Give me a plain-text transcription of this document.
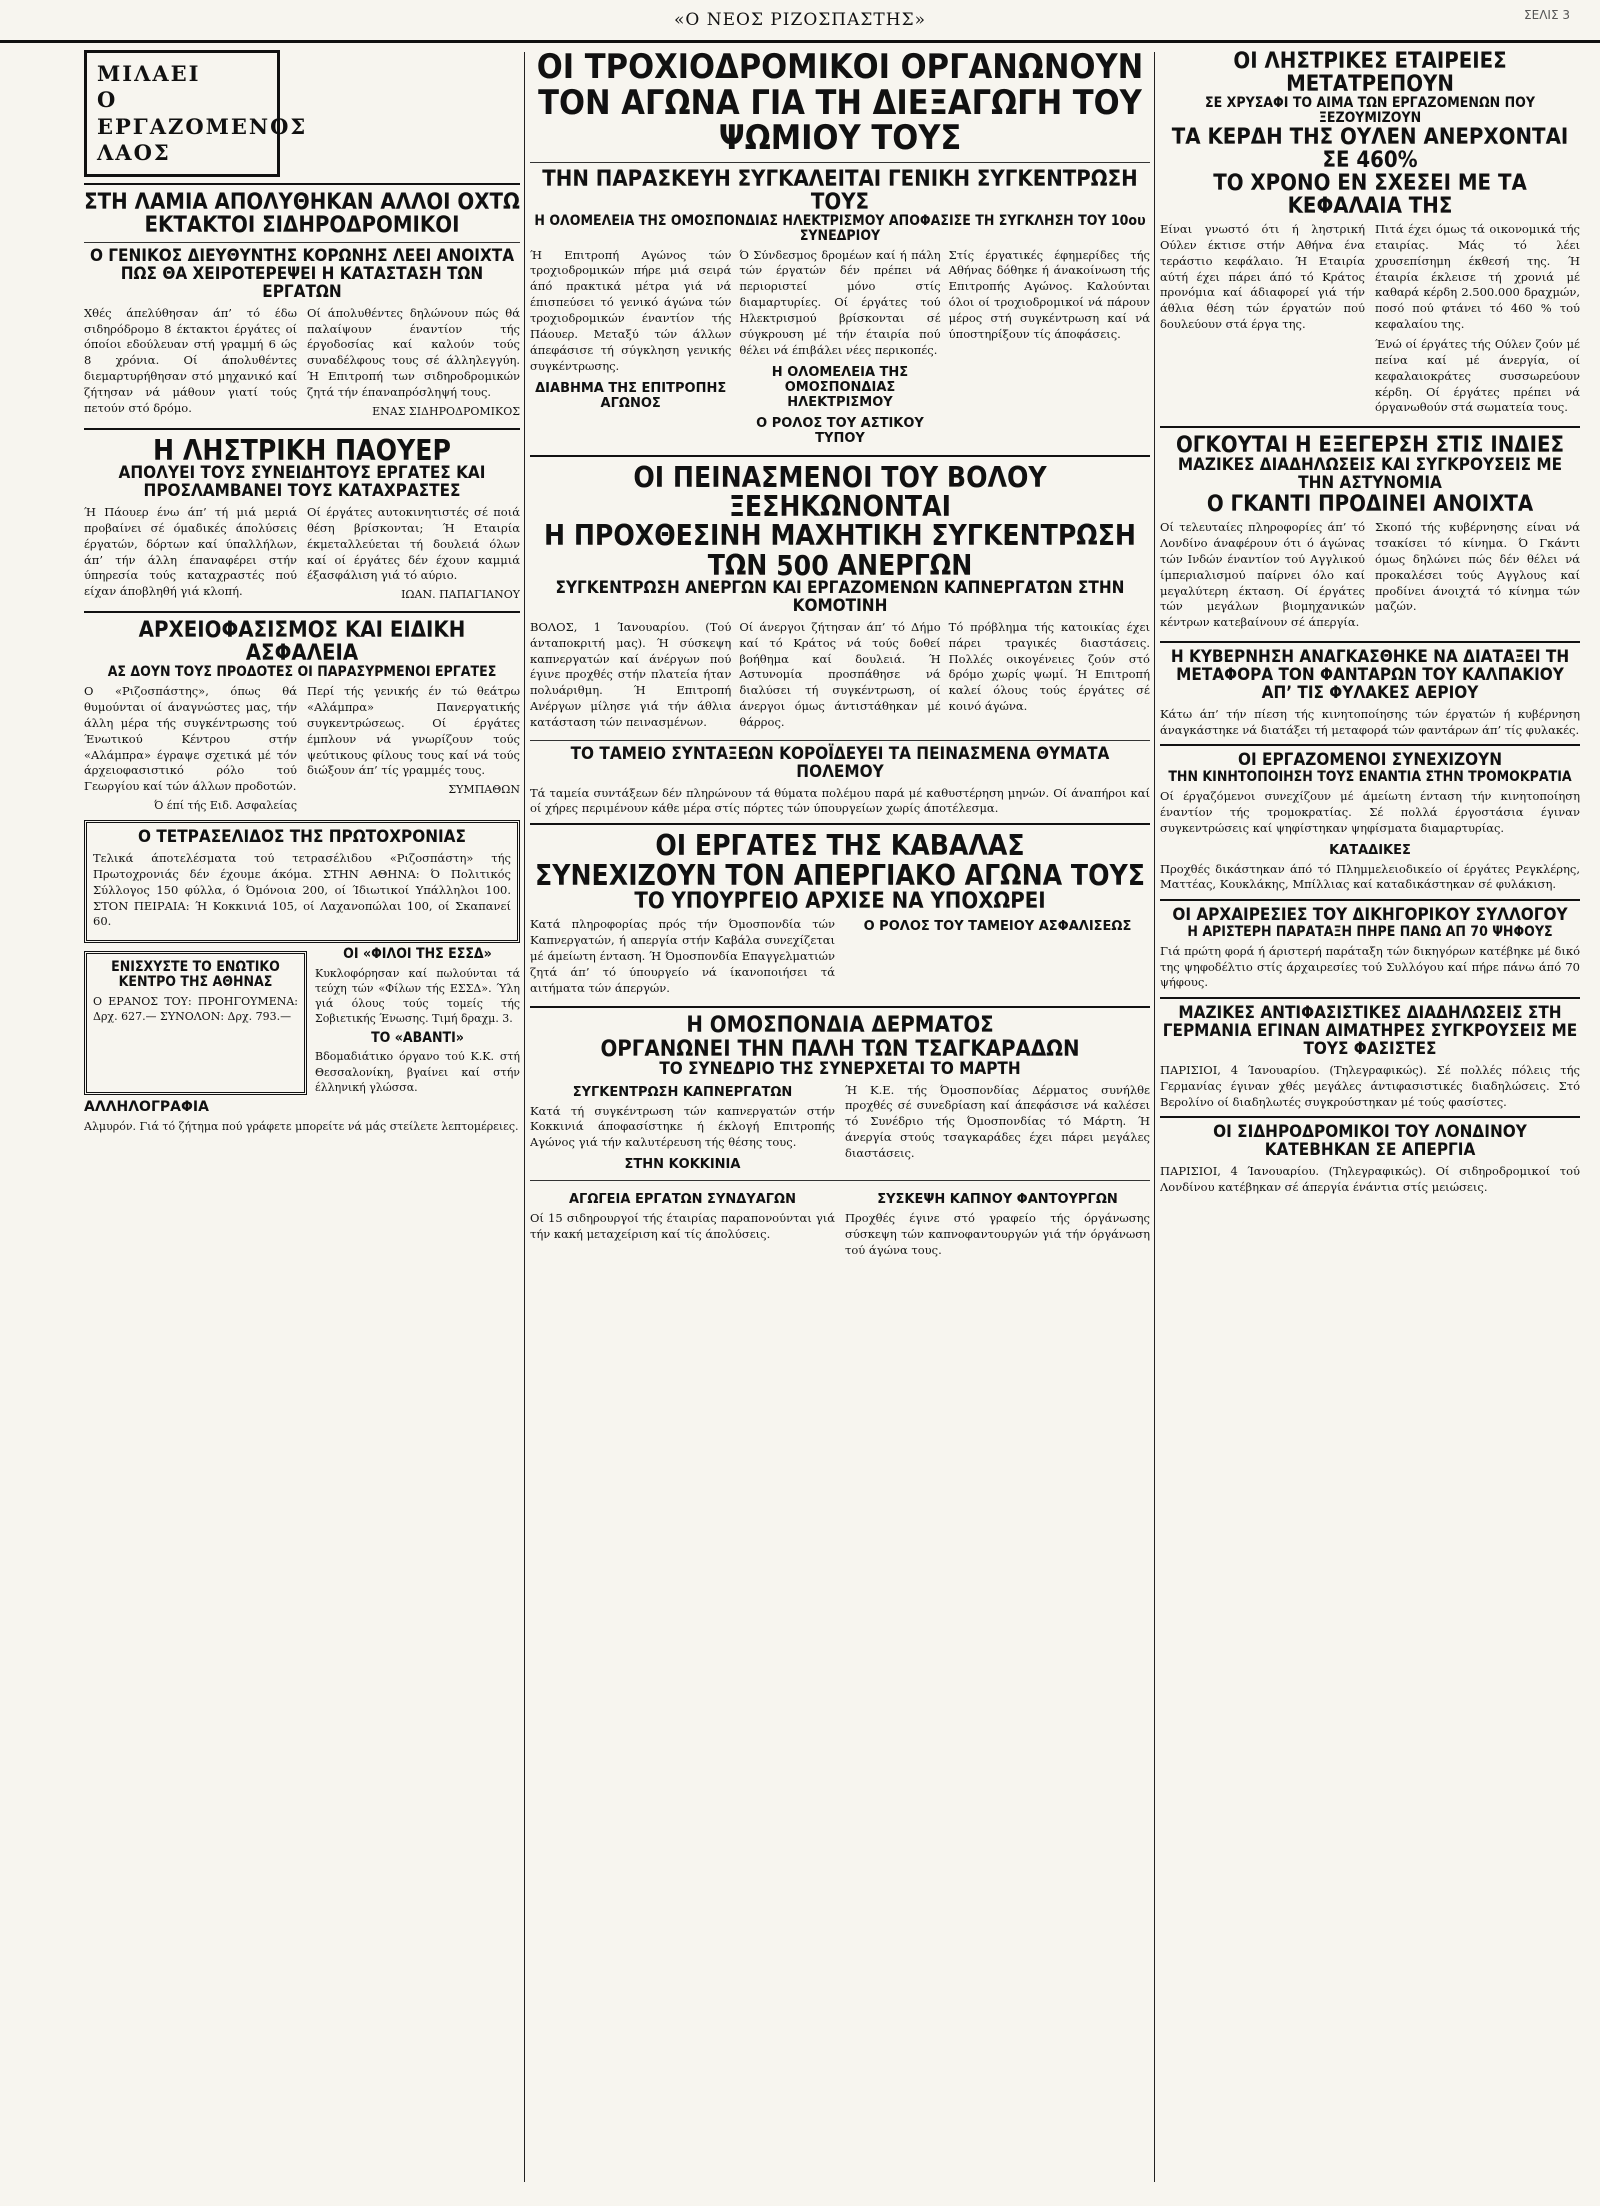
«Ο ΝΕΟΣ ΡΙΖΟΣΠΑΣΤΗΣ»	ΣΕΛΙΣ 3
ΜΙΛΑΕΙ
Ο ΕΡΓΑΖΟΜΕΝΟΣ
ΛΑΟΣ
ΣΤΗ ΛΑΜΙΑ ΑΠΟΛΥΘΗΚΑΝ ΑΛΛΟΙ ΟΧΤΩ ΕΚΤΑΚΤΟΙ ΣΙΔΗΡΟΔΡΟΜΙΚΟΙ
Ο ΓΕΝΙΚΟΣ ΔΙΕΥΘΥΝΤΗΣ ΚΟΡΩΝΗΣ ΛΕΕΙ ΑΝΟΙΧΤΑ ΠΩΣ ΘΑ ΧΕΙΡΟΤΕΡΕΨΕΙ Η ΚΑΤΑΣΤΑΣΗ ΤΩΝ ΕΡΓΑΤΩΝ

Χθές άπελύθησαν άπ’ τό έδω σιδηρόδρομο 8 έκτακτοι έργάτες οί όποίοι εδούλευαν στή γραμμή 6 ώς 8 χρόνια. Οί άπολυθέντες διεμαρτυρήθησαν στό μηχανικό καί ζήτησαν νά μάθουν γιατί τούς πετούν στό δρόμο.

Οί άπολυθέντες δηλώνουν πώς θά παλαίψουν έναντίον τής έργοδοσίας καί καλούν τούς συναδέλφους τους σέ άλληλεγγύη. Ή Επιτροπή των σιδηροδρομικών ζητά τήν έπαναπρόσληψή τους.

ΕΝΑΣ ΣΙΔΗΡΟΔΡΟΜΙΚΟΣ
Η ΛΗΣΤΡΙΚΗ ΠΑΟΥΕΡ
ΑΠΟΛΥΕΙ ΤΟΥΣ ΣΥΝΕΙΔΗΤΟΥΣ ΕΡΓΑΤΕΣ ΚΑΙ ΠΡΟΣΛΑΜΒΑΝΕΙ ΤΟΥΣ ΚΑΤΑΧΡΑΣΤΕΣ

Ή Πάουερ ένω άπ’ τή μιά μεριά προβαίνει σέ όμαδικές άπολύσεις έργατών, δόρτων καί ύπαλλήλων, άπ’ τήν άλλη έπαναφέρει στήν ύπηρεσία τούς καταχραστές πού είχαν άποβληθή γιά κλοπή.

Οί έργάτες αυτοκινητιστές σέ ποιά θέση βρίσκονται; Ή Εταιρία έκμεταλλεύεται τή δουλειά όλων καί οί έργάτες δέν έχουν καμμιά έξασφάλιση γιά τό αύριο.

ΙΩΑΝ. ΠΑΠΑΓΙΑΝΟΥ
ΑΡΧΕΙΟΦΑΣΙΣΜΟΣ ΚΑΙ ΕΙΔΙΚΗ ΑΣΦΑΛΕΙΑ
ΑΣ ΔΟΥΝ ΤΟΥΣ ΠΡΟΔΟΤΕΣ ΟΙ ΠΑΡΑΣΥΡΜΕΝΟΙ ΕΡΓΑΤΕΣ

Ο «Ριζοσπάστης», όπως θά θυμούνται οί άναγνώστες μας, τήν άλλη μέρα τής συγκέντρωσης τού Ένωτικού Κέντρου στήν «Αλάμπρα» έγραψε σχετικά μέ τόν άρχειοφασιστικό ρόλο τού Γεωργίου καί τών άλλων προδοτών.

Ό έπί τής Ειδ. Ασφαλείας

Περί τής γενικής έν τώ θεάτρω «Αλάμπρα» Πανεργατικής συγκεντρώσεως. Οί έργάτες έμπλουν νά γνωρίζουν τούς ψεύτικους φίλους τους καί νά τούς διώξουν άπ’ τίς γραμμές τους.

ΣΥΜΠΑΘΩΝ
Ο ΤΕΤΡΑΣΕΛΙΔΟΣ ΤΗΣ ΠΡΩΤΟΧΡΟΝΙΑΣ

Τελικά άποτελέσματα τού τετρασέλιδου «Ριζοσπάστη» τής Πρωτοχρονιάς δέν έχουμε άκόμα. ΣΤΗΝ ΑΘΗΝΑ: Ό Πολιτικός Σύλλογος 150 φύλλα, ό Όμόνοια 200, οί Ίδιωτικοί Υπάλληλοι 100. ΣΤΟΝ ΠΕΙΡΑΙΑ: Ή Κοκκινιά 105, οί Λαχανοπώλαι 100, οί Σκαπανεί 60.

ΕΝΙΣΧΥΣΤΕ ΤΟ ΕΝΩΤΙΚΟ ΚΕΝΤΡΟ ΤΗΣ ΑΘΗΝΑΣ

Ο ΕΡΑΝΟΣ ΤΟΥ: ΠΡΟΗΓΟΥΜΕΝΑ: Δρχ. 627.— ΣΥΝΟΛΟΝ: Δρχ. 793.—

ΟΙ «ΦΙΛΟΙ ΤΗΣ ΕΣΣΔ»

Κυκλοφόρησαν καί πωλούνται τά τεύχη τών «Φίλων τής ΕΣΣΔ». Ύλη γιά όλους τούς τομείς τής Σοβιετικής Ένωσης. Τιμή δραχμ. 3.

ΤΟ «ΑΒΑΝΤΙ»

Βδομαδιάτικο όργανο τού Κ.Κ. στή Θεσσαλονίκη, βγαίνει καί στήν έλληνική γλώσσα.

ΑΛΛΗΛΟΓΡΑΦΙΑ

Αλμυρόν. Γιά τό ζήτημα πού γράφετε μπορείτε νά μάς στείλετε λεπτομέρειες.

ΟΙ ΤΡΟΧΙΟΔΡΟΜΙΚΟΙ ΟΡΓΑΝΩΝΟΥΝ
ΤΟΝ ΑΓΩΝΑ ΓΙΑ ΤΗ ΔΙΕΞΑΓΩΓΗ ΤΟΥ ΨΩΜΙΟΥ ΤΟΥΣ
ΤΗΝ ΠΑΡΑΣΚΕΥΗ ΣΥΓΚΑΛΕΙΤΑΙ ΓΕΝΙΚΗ ΣΥΓΚΕΝΤΡΩΣΗ ΤΟΥΣ
Η ΟΛΟΜΕΛΕΙΑ ΤΗΣ ΟΜΟΣΠΟΝΔΙΑΣ ΗΛΕΚΤΡΙΣΜΟΥ ΑΠΟΦΑΣΙΣΕ ΤΗ ΣΥΓΚΛΗΣΗ ΤΟΥ 10ου ΣΥΝΕΔΡΙΟΥ

Ή Επιτροπή Αγώνος τών τροχιοδρομικών πήρε μιά σειρά άπό πρακτικά μέτρα γιά νά έπισπεύσει τό γενικό άγώνα τών τροχιοδρομικών έναντίον τής Πάουερ. Μεταξύ τών άλλων άπεφάσισε τή σύγκληση γενικής συγκέντρωσης.

ΔΙΑΒΗΜΑ ΤΗΣ ΕΠΙΤΡΟΠΗΣ ΑΓΩΝΟΣ

Ό Σύνδεσμος δρομέων καί ή πάλη τών έργατών δέν πρέπει νά περιοριστεί μόνο στίς διαμαρτυρίες. Οί έργάτες τού Ηλεκτρισμού βρίσκονται σέ σύγκρουση μέ τήν έταιρία πού θέλει νά έπιβάλει νέες περικοπές.

Η ΟΛΟΜΕΛΕΙΑ ΤΗΣ ΟΜΟΣΠΟΝΔΙΑΣ ΗΛΕΚΤΡΙΣΜΟΥ
Ο ΡΟΛΟΣ ΤΟΥ ΑΣΤΙΚΟΥ ΤΥΠΟΥ

Στίς έργατικές έφημερίδες τής Αθήνας δόθηκε ή άνακοίνωση τής Επιτροπής Αγώνος. Καλούνται όλοι οί τροχιοδρομικοί νά πάρουν μέρος στή συγκέντρωση καί νά ύποστηρίξουν τίς άποφάσεις.

ΟΙ ΠΕΙΝΑΣΜΕΝΟΙ ΤΟΥ ΒΟΛΟΥ ΞΕΣΗΚΩΝΟΝΤΑΙ
Η ΠΡΟΧΘΕΣΙΝΗ ΜΑΧΗΤΙΚΗ ΣΥΓΚΕΝΤΡΩΣΗ ΤΩΝ 500 ΑΝΕΡΓΩΝ
ΣΥΓΚΕΝΤΡΩΣΗ ΑΝΕΡΓΩΝ ΚΑΙ ΕΡΓΑΖΟΜΕΝΩΝ ΚΑΠΝΕΡΓΑΤΩΝ ΣΤΗΝ ΚΟΜΟΤΙΝΗ

ΒΟΛΟΣ, 1 Ίανουαρίου. (Τού άνταποκριτή μας). Ή σύσκεψη καπνεργατών καί άνέργων πού έγινε προχθές στήν πλατεία ήταν πολυάριθμη. Ή Επιτροπή Ανέργων μίλησε γιά τήν άθλια κατάσταση τών πεινασμένων.

Οί άνεργοι ζήτησαν άπ’ τό Δήμο καί τό Κράτος νά τούς δοθεί βοήθημα καί δουλειά. Ή Αστυνομία προσπάθησε νά διαλύσει τή συγκέντρωση, οί άνεργοι όμως άντιστάθηκαν μέ θάρρος.

Τό πρόβλημα τής κατοικίας έχει πάρει τραγικές διαστάσεις. Πολλές οικογένειες ζούν στό δρόμο χωρίς ψωμί. Ή Επιτροπή καλεί όλους τούς έργάτες σέ κοινό άγώνα.

ΤΟ ΤΑΜΕΙΟ ΣΥΝΤΑΞΕΩΝ ΚΟΡΟΪΔΕΥΕΙ ΤΑ ΠΕΙΝΑΣΜΕΝΑ ΘΥΜΑΤΑ ΠΟΛΕΜΟΥ

Τά ταμεία συντάξεων δέν πληρώνουν τά θύματα πολέμου παρά μέ καθυστέρηση μηνών. Οί άναπήροι καί οί χήρες περιμένουν κάθε μέρα στίς πόρτες τών ύπουργείων χωρίς άποτέλεσμα.

ΟΙ ΕΡΓΑΤΕΣ ΤΗΣ ΚΑΒΑΛΑΣ
ΣΥΝΕΧΙΖΟΥΝ ΤΟΝ ΑΠΕΡΓΙΑΚΟ ΑΓΩΝΑ ΤΟΥΣ
ΤΟ ΥΠΟΥΡΓΕΙΟ ΑΡΧΙΣΕ ΝΑ ΥΠΟΧΩΡΕΙ

Κατά πληροφορίας πρός τήν Όμοσπονδία τών Καπνεργατών, ή απεργία στήν Καβάλα συνεχίζεται μέ άμείωτη ένταση. Ή Όμοσπονδία Επαγγελματιών ζητά άπ’ τό ύπουργείο νά ίκανοποιήσει τά αιτήματα τών άπεργών.

Ο ΡΟΛΟΣ ΤΟΥ ΤΑΜΕΙΟΥ ΑΣΦΑΛΙΣΕΩΣ
Η ΟΜΟΣΠΟΝΔΙΑ ΔΕΡΜΑΤΟΣ
ΟΡΓΑΝΩΝΕΙ ΤΗΝ ΠΑΛΗ ΤΩΝ ΤΣΑΓΚΑΡΑΔΩΝ
ΤΟ ΣΥΝΕΔΡΙΟ ΤΗΣ ΣΥΝΕΡΧΕΤΑΙ ΤΟ ΜΑΡΤΗ
ΣΥΓΚΕΝΤΡΩΣΗ ΚΑΠΝΕΡΓΑΤΩΝ

Κατά τή συγκέντρωση τών καπνεργατών στήν Κοκκινιά άποφασίστηκε ή έκλογή Επιτροπής Αγώνος γιά τήν καλυτέρευση τής θέσης τους.

ΣΤΗΝ ΚΟΚΚΙΝΙΑ

Ή Κ.Ε. τής Όμοσπονδίας Δέρματος συνήλθε προχθές σέ συνεδρίαση καί άπεφάσισε νά καλέσει τό Συνέδριο τής Όμοσπονδίας τό Μάρτη. Ή άνεργία στούς τσαγκαράδες έχει πάρει μεγάλες διαστάσεις.

ΑΓΩΓΕΙΑ ΕΡΓΑΤΩΝ ΣΥΝΔΥΑΓΩΝ

Οί 15 σιδηρουργοί τής έταιρίας παραπονούνται γιά τήν κακή μεταχείριση καί τίς άπολύσεις.

ΣΥΣΚΕΨΗ ΚΑΠΝΟΥ ΦΑΝΤΟΥΡΓΩΝ

Προχθές έγινε στό γραφείο τής όργάνωσης σύσκεψη τών καπνοφαντουργών γιά τήν όργάνωση τού άγώνα τους.

ΟΙ ΛΗΣΤΡΙΚΕΣ ΕΤΑΙΡΕΙΕΣ ΜΕΤΑΤΡΕΠΟΥΝ
ΣΕ ΧΡΥΣΑΦΙ ΤΟ ΑΙΜΑ ΤΩΝ ΕΡΓΑΖΟΜΕΝΩΝ ΠΟΥ ΞΕΖΟΥΜΙΖΟΥΝ
ΤΑ ΚΕΡΔΗ ΤΗΣ ΟΥΛΕΝ ΑΝΕΡΧΟΝΤΑΙ ΣΕ 460%
ΤΟ ΧΡΟΝΟ ΕΝ ΣΧΕΣΕΙ ΜΕ ΤΑ ΚΕΦΑΛΑΙΑ ΤΗΣ

Είναι γνωστό ότι ή ληστρική Ούλεν έκτισε στήν Αθήνα ένα τεράστιο κεφάλαιο. Ή Εταιρία αύτή έχει πάρει άπό τό Κράτος προνόμια καί άδιαφορεί γιά τήν άθλια θέση τών έργατών πού δουλεύουν στά έργα της.

Πιτά έχει όμως τά οικονομικά τής εταιρίας. Μάς τό λέει χρυσεπίσημη έκθεσή της. Ή έταιρία έκλεισε τή χρονιά μέ καθαρά κέρδη 2.500.000 δραχμών, ποσό πού φτάνει τό 460 % τού κεφαλαίου της.

Ένώ οί έργάτες τής Ούλεν ζούν μέ πείνα καί μέ άνεργία, οί κεφαλαιοκράτες συσσωρεύουν κέρδη. Οί έργάτες πρέπει νά όργανωθούν στά σωματεία τους.

ΟΓΚΟΥΤΑΙ Η ΕΞΕΓΕΡΣΗ ΣΤΙΣ ΙΝΔΙΕΣ
ΜΑΖΙΚΕΣ ΔΙΑΔΗΛΩΣΕΙΣ ΚΑΙ ΣΥΓΚΡΟΥΣΕΙΣ ΜΕ ΤΗΝ ΑΣΤΥΝΟΜΙΑ
Ο ΓΚΑΝΤΙ ΠΡΟΔΙΝΕΙ ΑΝΟΙΧΤΑ

Οί τελευταίες πληροφορίες άπ’ τό Λονδίνο άναφέρουν ότι ό άγώνας τών Ινδών έναντίον τού Αγγλικού ίμπεριαλισμού παίρνει όλο καί μεγαλύτερη έκταση. Οί έργάτες τών μεγάλων βιομηχανικών κέντρων κατεβαίνουν σέ άπεργία.

Σκοπό τής κυβέρνησης είναι νά τσακίσει τό κίνημα. Ό Γκάντι όμως δηλώνει πώς δέν θέλει νά προκαλέσει τούς Αγγλους καί προδίνει άνοιχτά τό κίνημα τών μαζών.

Η ΚΥΒΕΡΝΗΣΗ ΑΝΑΓΚΑΣΘΗΚΕ ΝΑ ΔΙΑΤΑΞΕΙ ΤΗ ΜΕΤΑΦΟΡΑ ΤΟΝ ΦΑΝΤΑΡΩΝ ΤΟΥ ΚΑΛΠΑΚΙΟΥ ΑΠ’ ΤΙΣ ΦΥΛΑΚΕΣ ΑΕΡΙΟΥ

Κάτω άπ’ τήν πίεση τής κινητοποίησης τών έργατών ή κυβέρνηση άναγκάστηκε νά διατάξει τή μεταφορά τών φαντάρων άπ’ τίς φυλακές.

ΟΙ ΕΡΓΑΖΟΜΕΝΟΙ ΣΥΝΕΧΙΖΟΥΝ
ΤΗΝ ΚΙΝΗΤΟΠΟΙΗΣΗ ΤΟΥΣ ΕΝΑΝΤΙΑ ΣΤΗΝ ΤΡΟΜΟΚΡΑΤΙΑ

Οί έργαζόμενοι συνεχίζουν μέ άμείωτη ένταση τήν κινητοποίηση έναντίον τής τρομοκρατίας. Σέ πολλά έργοστάσια έγιναν συγκεντρώσεις καί ψηφίστηκαν ψηφίσματα διαμαρτυρίας.

ΚΑΤΑΔΙΚΕΣ

Προχθές δικάστηκαν άπό τό Πλημμελειοδικείο οί έργάτες Ρεγκλέρης, Ματτέας, Κουκλάκης, Μπίλλιας καί καταδικάστηκαν σέ φυλάκιση.

ΟΙ ΑΡΧΑΙΡΕΣΙΕΣ ΤΟΥ ΔΙΚΗΓΟΡΙΚΟΥ ΣΥΛΛΟΓΟΥ
Η ΑΡΙΣΤΕΡΗ ΠΑΡΑΤΑΞΗ ΠΗΡΕ ΠΑΝΩ ΑΠ 70 ΨΗΦΟΥΣ

Γιά πρώτη φορά ή άριστερή παράταξη τών δικηγόρων κατέβηκε μέ δικό της ψηφοδέλτιο στίς άρχαιρεσίες τού Συλλόγου καί πήρε πάνω άπό 70 ψήφους.

ΜΑΖΙΚΕΣ ΑΝΤΙΦΑΣΙΣΤΙΚΕΣ ΔΙΑΔΗΛΩΣΕΙΣ ΣΤΗ ΓΕΡΜΑΝΙΑ ΕΓΙΝΑΝ ΑΙΜΑΤΗΡΕΣ ΣΥΓΚΡΟΥΣΕΙΣ ΜΕ ΤΟΥΣ ΦΑΣΙΣΤΕΣ

ΠΑΡΙΣΙΟΙ, 4 Ίανουαρίου. (Τηλεγραφικώς). Σέ πολλές πόλεις τής Γερμανίας έγιναν χθές μεγάλες άντιφασιστικές διαδηλώσεις. Στό Βερολίνο οί διαδηλωτές συγκρούστηκαν μέ τούς φασίστες.

ΟΙ ΣΙΔΗΡΟΔΡΟΜΙΚΟΙ ΤΟΥ ΛΟΝΔΙΝΟΥ ΚΑΤΕΒΗΚΑΝ ΣΕ ΑΠΕΡΓΙΑ

ΠΑΡΙΣΙΟΙ, 4 Ίανουαρίου. (Τηλεγραφικώς). Οί σιδηροδρομικοί τού Λονδίνου κατέβηκαν σέ άπεργία ένάντια στίς μειώσεις.
